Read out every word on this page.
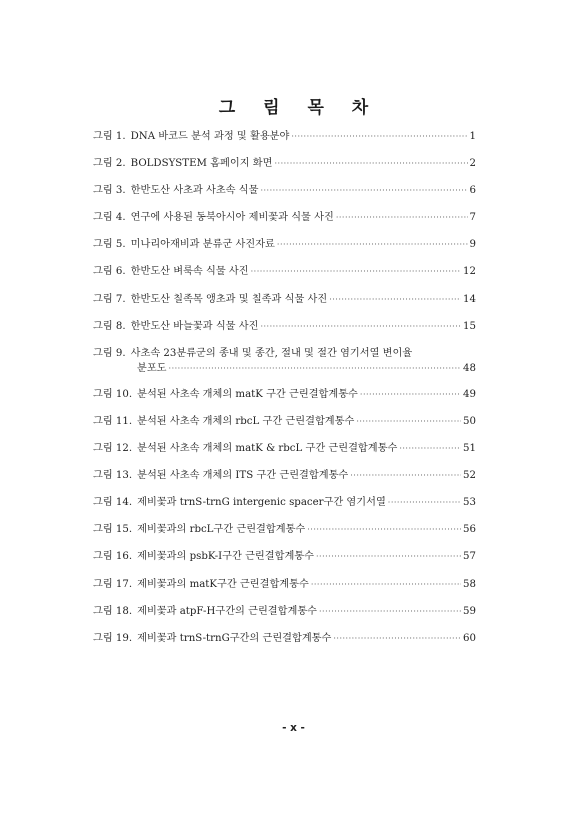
그 림 목 차
그림 1. DNA 바코드 분석 과정 및 활용분야 ·····	1
그림 2. BOLDSYSTEM 홈페이지 화면 ·····	2
그림 3. 한반도산 사초과 사초속 식물 ·····	6
그림 4. 연구에 사용된 동북아시아 제비꽃과 식물 사진 ·····	7
그림 5. 미나리아재비과 분류군 사진자료 ·····	9
그림 6. 한반도산 벼룩속 식물 사진 ·····	12
그림 7. 한반도산 칠족목 앵초과 및 칠족과 식물 사진 ·····	14
그림 8. 한반도산 바늘꽃과 식물 사진 ·····	15
그림 9. 사초속 23분류군의 종내 및 종간, 절내 및 절간 염기서열 변이율
분포도 ·····	48
그림 10. 분석된 사초속 개체의 matK 구간 근린결합계통수 ·····	49
그림 11. 분석된 사초속 개체의 rbcL 구간 근린결합계통수 ·····	50
그림 12. 분석된 사초속 개체의 matK & rbcL 구간 근린결합계통수 ·····	51
그림 13. 분석된 사초속 개체의 ITS 구간 근린결합계통수 ·····	52
그림 14. 제비꽃과 trnS-trnG intergenic spacer구간 염기서열 ·····	53
그림 15. 제비꽃과의 rbcL구간 근린결합계통수 ·····	56
그림 16. 제비꽃과의 psbK-I구간 근린결합계통수 ·····	57
그림 17. 제비꽃과의 matK구간 근린결합계통수 ·····	58
그림 18. 제비꽃과 atpF-H구간의 근린결합계통수 ·····	59
그림 19. 제비꽃과 trnS-trnG구간의 근린결합계통수 ·····	60
- x -
